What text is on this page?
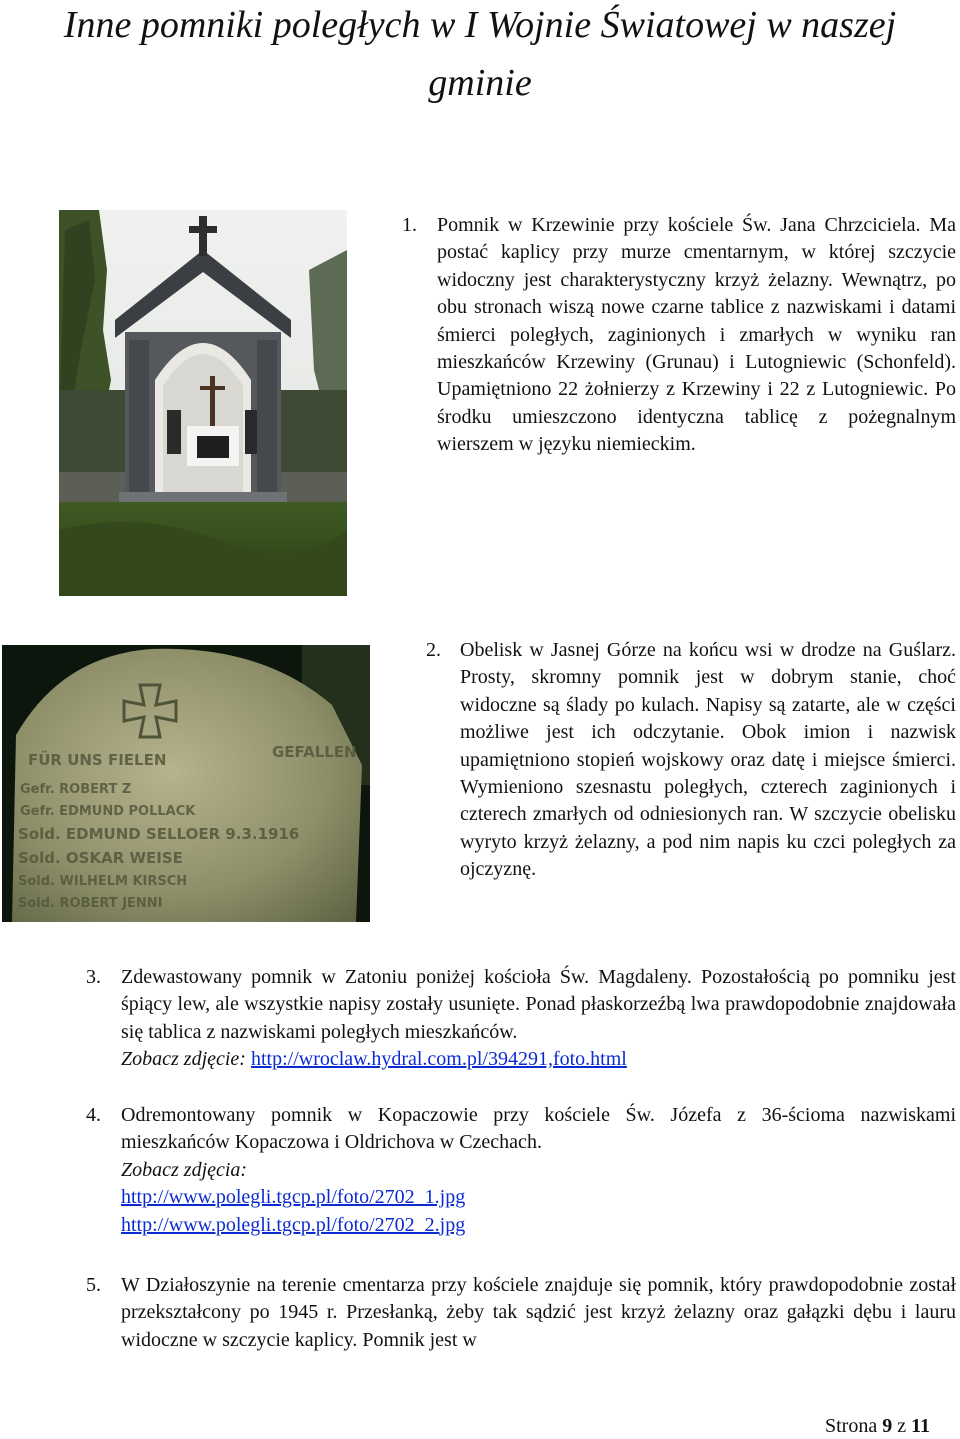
Inne pomniki poległych w I Wojnie Światowej w naszej
gminie
1. Pomnik w Krzewinie przy kościele Św. Jana Chrzciciela. Ma postać kaplicy przy murze cmentarnym, w której szczycie widoczny jest charakterystyczny krzyż żelazny. Wewnątrz, po obu stronach wiszą nowe czarne tablice z nazwiskami i datami śmierci poległych, zaginionych i zmarłych w wyniku ran mieszkańców Krzewiny (Grunau) i Lutogniewic (Schonfeld). Upamiętniono 22 żołnierzy z Krzewiny i 22 z Lutogniewic. Po środku umieszczono identyczna tablicę z pożegnalnym wierszem w języku niemieckim.
FÜR UNS FIELEN	GEFALLEN
Gefr. ROBERT Z
Gefr. EDMUND POLLACK
Sold. EDMUND SELLOER 9.3.1916
Sold. OSKAR WEISE
Sold. WILHELM KIRSCH
Sold. ROBERT JENNI
2. Obelisk w Jasnej Górze na końcu wsi w drodze na Guślarz. Prosty, skromny pomnik jest w dobrym stanie, choć widoczne są ślady po kulach. Napisy są zatarte, ale w części możliwe jest ich odczytanie. Obok imion i nazwisk upamiętniono stopień wojskowy oraz datę i miejsce śmierci. Wymieniono szesnastu poległych, czterech zaginionych i czterech zmarłych od odniesionych ran. W szczycie obelisku wyryto krzyż żelazny, a pod nim napis ku czci poległych za ojczyznę.
3. Zdewastowany pomnik w Zatoniu poniżej kościoła Św. Magdaleny. Pozostałością po pomniku jest śpiący lew, ale wszystkie napisy zostały usunięte. Ponad płaskorzeźbą lwa prawdopodobnie znajdowała się tablica z nazwiskami poległych mieszkańców.
Zobacz zdjęcie: http://wroclaw.hydral.com.pl/394291,foto.html
4. Odremontowany pomnik w Kopaczowie przy kościele Św. Józefa z 36-ścioma nazwiskami mieszkańców Kopaczowa i Oldrichova w Czechach.
Zobacz zdjęcia:
http://www.polegli.tgcp.pl/foto/2702_1.jpg
http://www.polegli.tgcp.pl/foto/2702_2.jpg
5. W Działoszynie na terenie cmentarza przy kościele znajduje się pomnik, który prawdopodobnie został przekształcony po 1945 r. Przesłanką, żeby tak sądzić jest krzyż żelazny oraz gałązki dębu i lauru widoczne w szczycie kaplicy. Pomnik jest w
Strona 9 z 11
